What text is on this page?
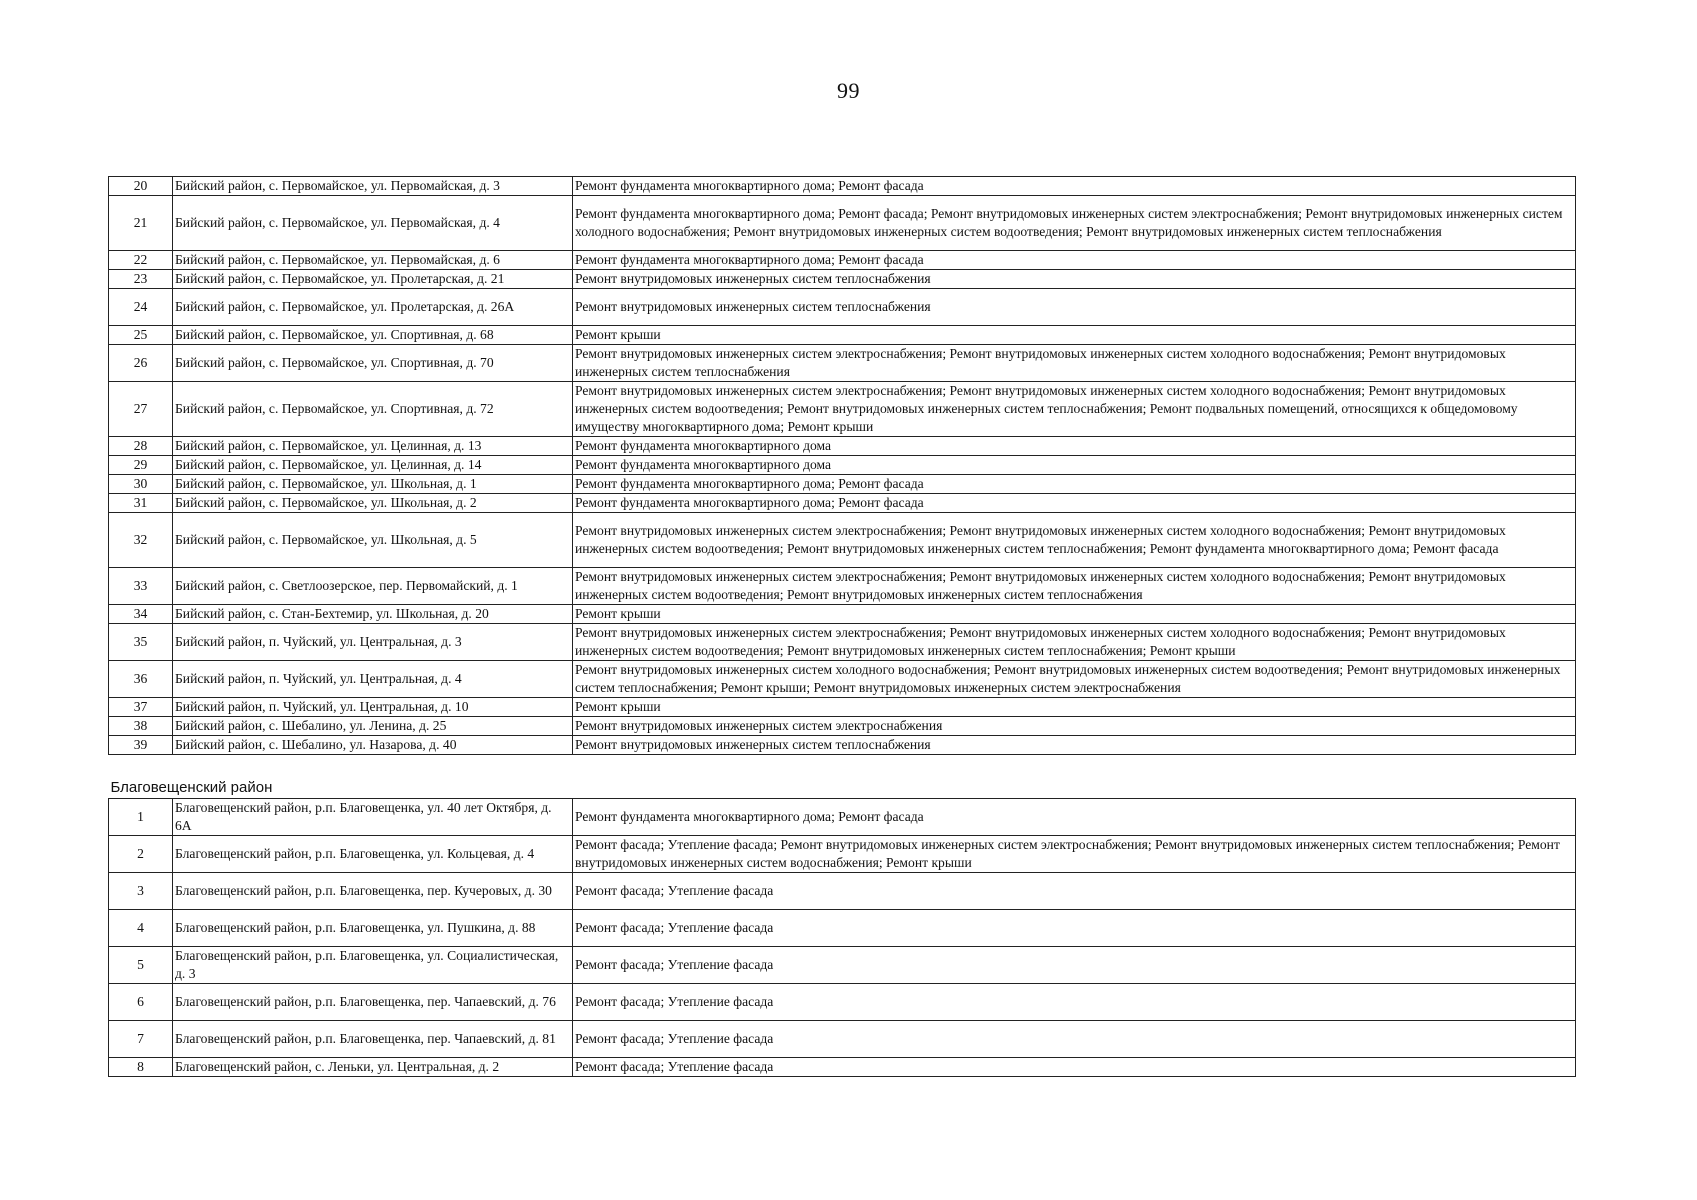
99
20	Бийский район, с. Первомайское, ул. Первомайская, д. 3	Ремонт фундамента многоквартирного дома; Ремонт фасада
21	Бийский район, с. Первомайское, ул. Первомайская, д. 4	Ремонт фундамента многоквартирного дома; Ремонт фасада; Ремонт внутридомовых инженерных систем электроснабжения; Ремонт внутридомовых инженерных систем холодного водоснабжения; Ремонт внутридомовых инженерных систем водоотведения; Ремонт внутридомовых инженерных систем теплоснабжения
22	Бийский район, с. Первомайское, ул. Первомайская, д. 6	Ремонт фундамента многоквартирного дома; Ремонт фасада
23	Бийский район, с. Первомайское, ул. Пролетарская, д. 21	Ремонт внутридомовых инженерных систем теплоснабжения
24	Бийский район, с. Первомайское, ул. Пролетарская, д. 26А	Ремонт внутридомовых инженерных систем теплоснабжения
25	Бийский район, с. Первомайское, ул. Спортивная, д. 68	Ремонт крыши
26	Бийский район, с. Первомайское, ул. Спортивная, д. 70	Ремонт внутридомовых инженерных систем электроснабжения; Ремонт внутридомовых инженерных систем холодного водоснабжения; Ремонт внутридомовых инженерных систем теплоснабжения
27	Бийский район, с. Первомайское, ул. Спортивная, д. 72	Ремонт внутридомовых инженерных систем электроснабжения; Ремонт внутридомовых инженерных систем холодного водоснабжения; Ремонт внутридомовых инженерных систем водоотведения; Ремонт внутридомовых инженерных систем теплоснабжения; Ремонт подвальных помещений, относящихся к общедомовому имуществу многоквартирного дома; Ремонт крыши
28	Бийский район, с. Первомайское, ул. Целинная, д. 13	Ремонт фундамента многоквартирного дома
29	Бийский район, с. Первомайское, ул. Целинная, д. 14	Ремонт фундамента многоквартирного дома
30	Бийский район, с. Первомайское, ул. Школьная, д. 1	Ремонт фундамента многоквартирного дома; Ремонт фасада
31	Бийский район, с. Первомайское, ул. Школьная, д. 2	Ремонт фундамента многоквартирного дома; Ремонт фасада
32	Бийский район, с. Первомайское, ул. Школьная, д. 5	Ремонт внутридомовых инженерных систем электроснабжения; Ремонт внутридомовых инженерных систем холодного водоснабжения; Ремонт внутридомовых инженерных систем водоотведения; Ремонт внутридомовых инженерных систем теплоснабжения; Ремонт фундамента многоквартирного дома; Ремонт фасада
33	Бийский район, с. Светлоозерское, пер. Первомайский, д. 1	Ремонт внутридомовых инженерных систем электроснабжения; Ремонт внутридомовых инженерных систем холодного водоснабжения; Ремонт внутридомовых инженерных систем водоотведения; Ремонт внутридомовых инженерных систем теплоснабжения
34	Бийский район, с. Стан-Бехтемир, ул. Школьная, д. 20	Ремонт крыши
35	Бийский район, п. Чуйский, ул. Центральная, д. 3	Ремонт внутридомовых инженерных систем электроснабжения; Ремонт внутридомовых инженерных систем холодного водоснабжения; Ремонт внутридомовых инженерных систем водоотведения; Ремонт внутридомовых инженерных систем теплоснабжения; Ремонт крыши
36	Бийский район, п. Чуйский, ул. Центральная, д. 4	Ремонт внутридомовых инженерных систем холодного водоснабжения; Ремонт внутридомовых инженерных систем водоотведения; Ремонт внутридомовых инженерных систем теплоснабжения; Ремонт крыши; Ремонт внутридомовых инженерных систем электроснабжения
37	Бийский район, п. Чуйский, ул. Центральная, д. 10	Ремонт крыши
38	Бийский район, с. Шебалино, ул. Ленина, д. 25	Ремонт внутридомовых инженерных систем электроснабжения
39	Бийский район, с. Шебалино, ул. Назарова, д. 40	Ремонт внутридомовых инженерных систем теплоснабжения
Благовещенский район		
1	Благовещенский район, р.п. Благовещенка, ул. 40 лет Октября, д. 6А	Ремонт фундамента многоквартирного дома; Ремонт фасада
2	Благовещенский район, р.п. Благовещенка, ул. Кольцевая, д. 4	Ремонт фасада; Утепление фасада; Ремонт внутридомовых инженерных систем электроснабжения; Ремонт внутридомовых инженерных систем теплоснабжения; Ремонт внутридомовых инженерных систем водоснабжения; Ремонт крыши
3	Благовещенский район, р.п. Благовещенка, пер. Кучеровых, д. 30	Ремонт фасада; Утепление фасада
4	Благовещенский район, р.п. Благовещенка, ул. Пушкина, д. 88	Ремонт фасада; Утепление фасада
5	Благовещенский район, р.п. Благовещенка, ул. Социалистическая, д. 3	Ремонт фасада; Утепление фасада
6	Благовещенский район, р.п. Благовещенка, пер. Чапаевский, д. 76	Ремонт фасада; Утепление фасада
7	Благовещенский район, р.п. Благовещенка, пер. Чапаевский, д. 81	Ремонт фасада; Утепление фасада
8	Благовещенский район, с. Леньки, ул. Центральная, д. 2	Ремонт фасада; Утепление фасада
